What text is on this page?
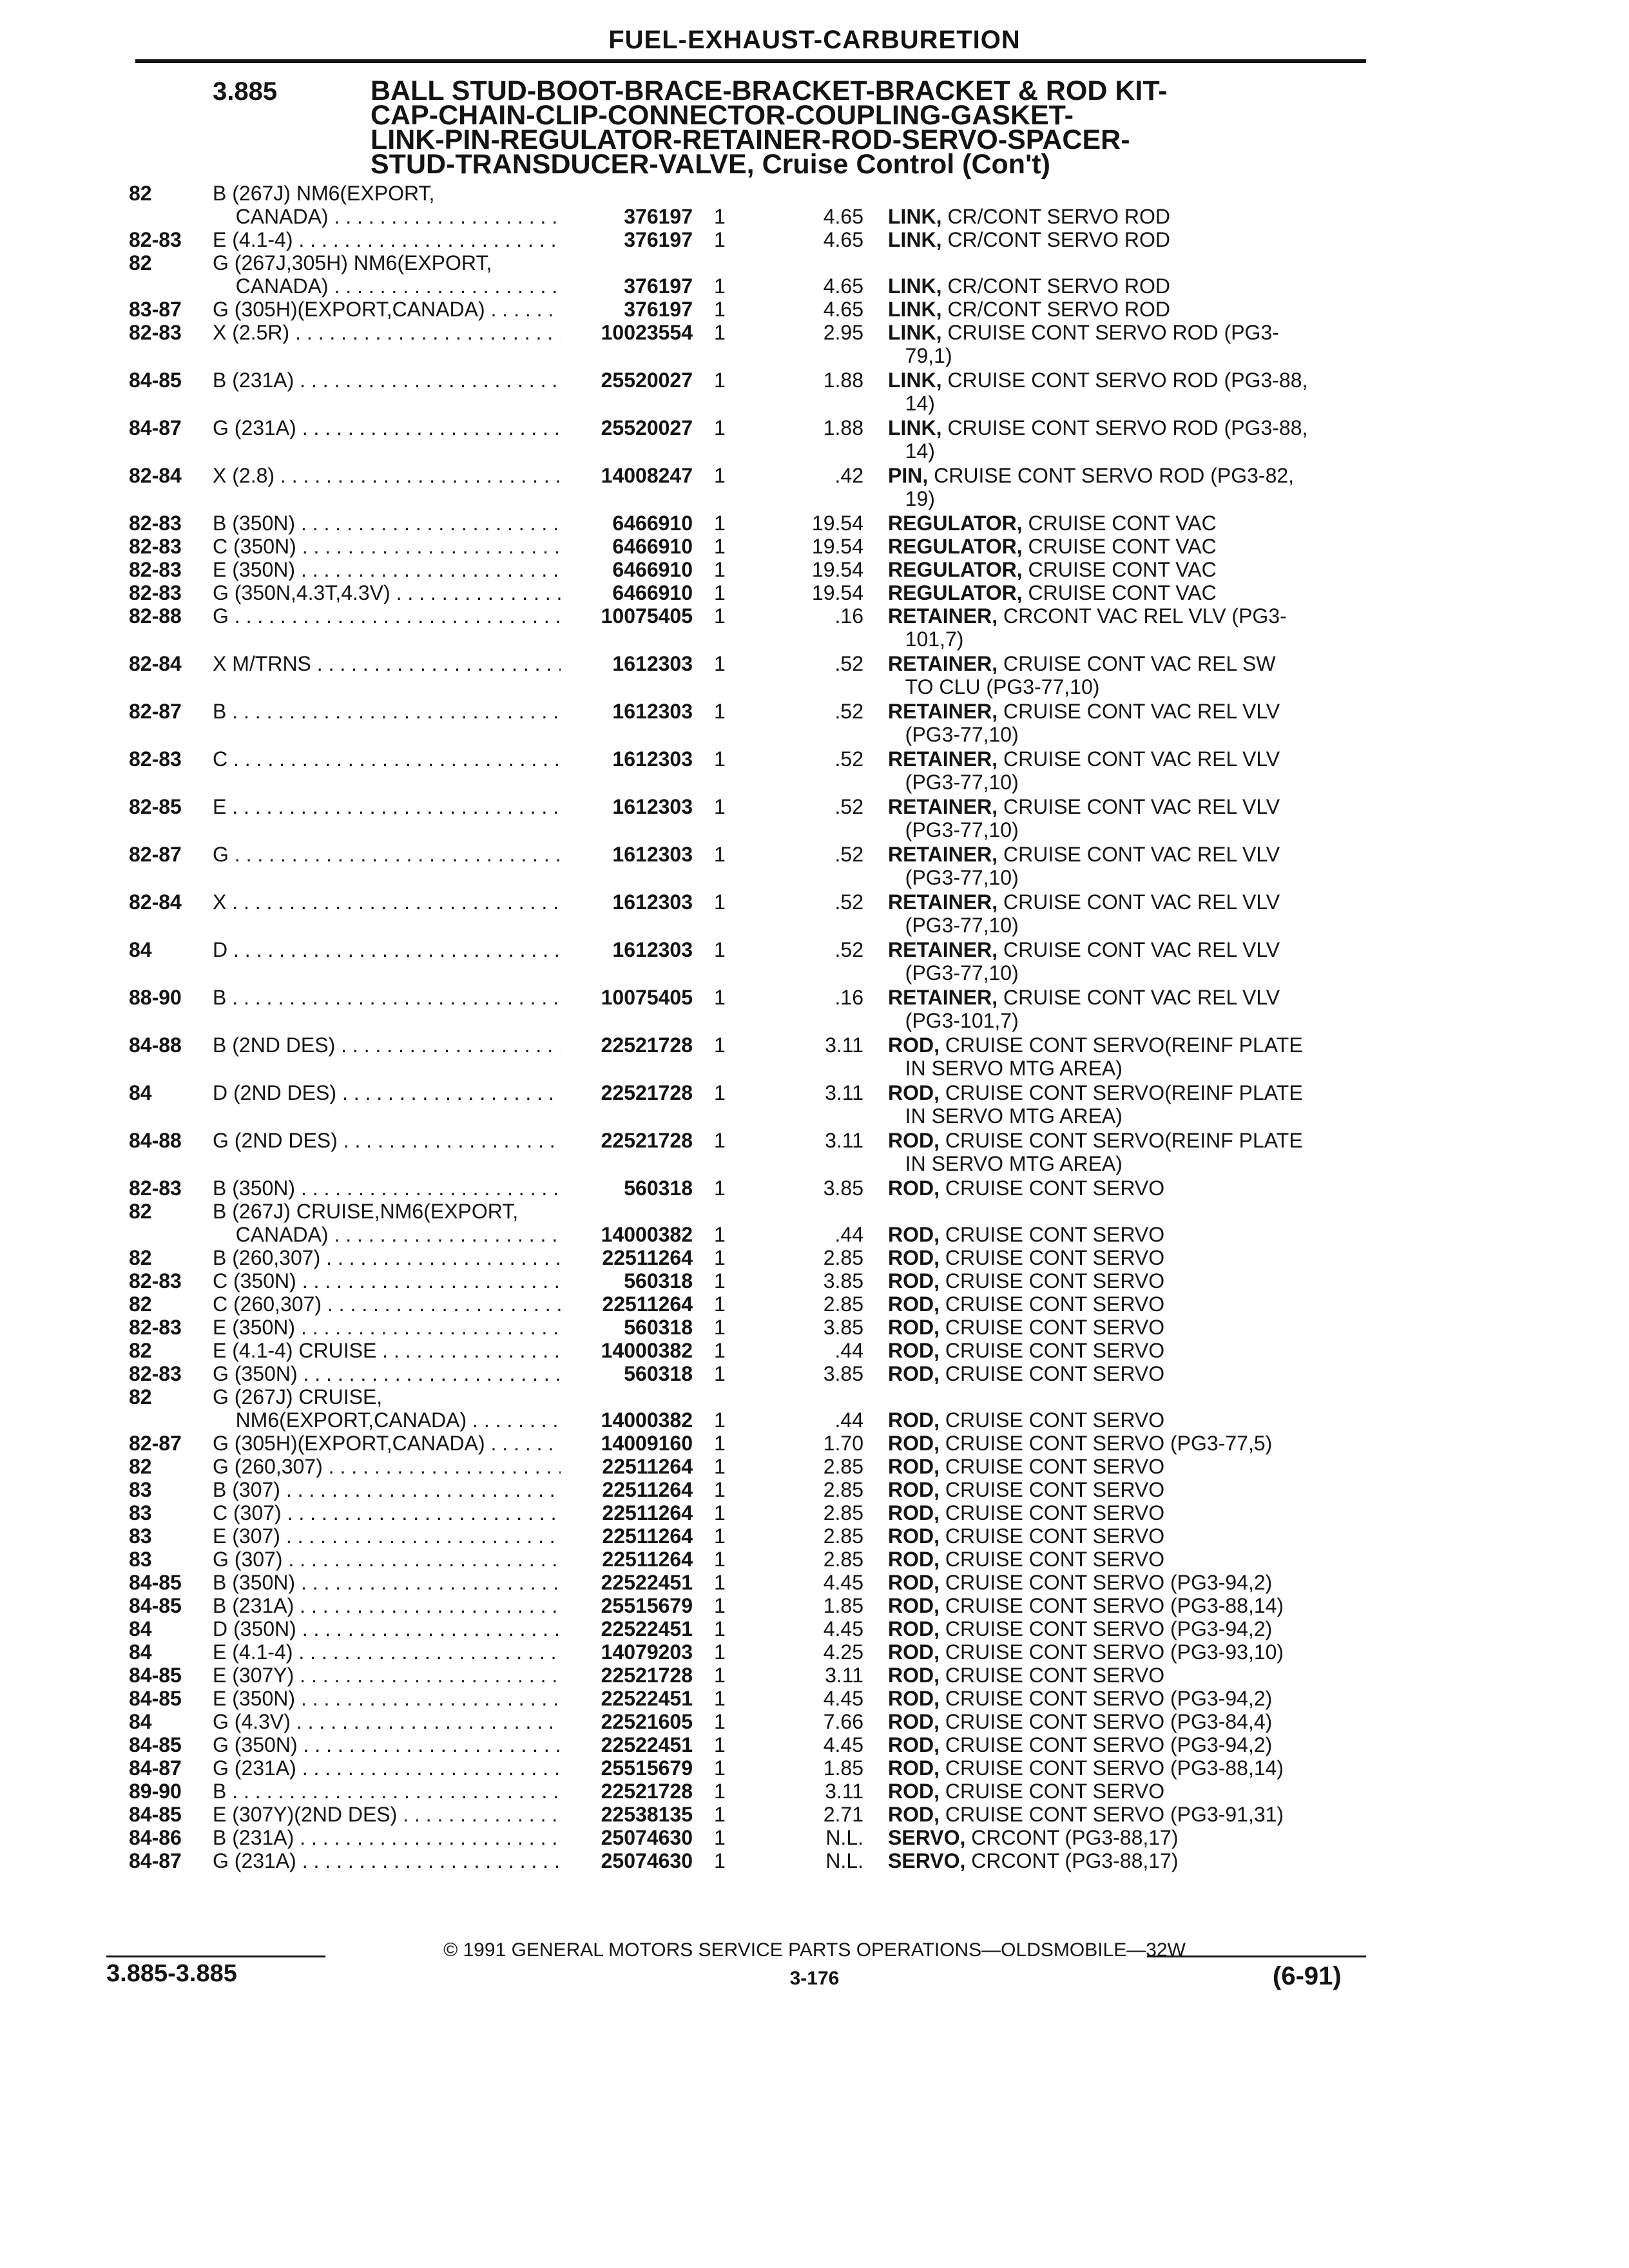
FUEL-EXHAUST-CARBURETION
3.885	BALL STUD-BOOT-BRACE-BRACKET-BRACKET & ROD KIT-
CAP-CHAIN-CLIP-CONNECTOR-COUPLING-GASKET-
LINK-PIN-REGULATOR-RETAINER-ROD-SERVO-SPACER-
STUD-TRANSDUCER-VALVE, Cruise Control (Con't)
82	B (267J) NM6(EXPORT,
CANADA) . . .	376197 1	4.65 LINK, CR/CONT SERVO ROD
82-83 E (4.1-4) . . .	376197 1	4.65 LINK, CR/CONT SERVO ROD
82	G (267J,305H) NM6(EXPORT,
CANADA) . . .	376197 1	4.65 LINK, CR/CONT SERVO ROD
83-87 G (305H)(EXPORT,CANADA) . . .	376197 1	4.65 LINK, CR/CONT SERVO ROD
82-83 X (2.5R) . . .	10023554 1	2.95 LINK, CRUISE CONT SERVO ROD (PG3-
79,1)
84-85 B (231A) . . .	25520027 1	1.88 LINK, CRUISE CONT SERVO ROD (PG3-88,
14)
84-87 G (231A) . . .	25520027 1	1.88 LINK, CRUISE CONT SERVO ROD (PG3-88,
14)
82-84 X (2.8) . . .	14008247 1	.42 PIN, CRUISE CONT SERVO ROD (PG3-82,
19)
82-83 B (350N) . . .	6466910 1	19.54 REGULATOR, CRUISE CONT VAC
82-83 C (350N) . . .	6466910 1	19.54 REGULATOR, CRUISE CONT VAC
82-83 E (350N) . . .	6466910 1	19.54 REGULATOR, CRUISE CONT VAC
82-83 G (350N,4.3T,4.3V) . . .	6466910 1	19.54 REGULATOR, CRUISE CONT VAC
82-88 G . . .	10075405 1	.16 RETAINER, CRCONT VAC REL VLV (PG3-
101,7)
82-84 X M/TRNS . . .	1612303 1	.52 RETAINER, CRUISE CONT VAC REL SW
TO CLU (PG3-77,10)
82-87 B . . .	1612303 1	.52 RETAINER, CRUISE CONT VAC REL VLV
(PG3-77,10)
82-83 C . . .	1612303 1	.52 RETAINER, CRUISE CONT VAC REL VLV
(PG3-77,10)
82-85 E . . .	1612303 1	.52 RETAINER, CRUISE CONT VAC REL VLV
(PG3-77,10)
82-87 G . . .	1612303 1	.52 RETAINER, CRUISE CONT VAC REL VLV
(PG3-77,10)
82-84 X . . .	1612303 1	.52 RETAINER, CRUISE CONT VAC REL VLV
(PG3-77,10)
84	D . . .	1612303 1	.52 RETAINER, CRUISE CONT VAC REL VLV
(PG3-77,10)
88-90 B . . .	10075405 1	.16 RETAINER, CRUISE CONT VAC REL VLV
(PG3-101,7)
84-88 B (2ND DES) . . .	22521728 1	3.11 ROD, CRUISE CONT SERVO(REINF PLATE
IN SERVO MTG AREA)
84	D (2ND DES) . . .	22521728 1	3.11 ROD, CRUISE CONT SERVO(REINF PLATE
IN SERVO MTG AREA)
84-88 G (2ND DES) . . .	22521728 1	3.11 ROD, CRUISE CONT SERVO(REINF PLATE
IN SERVO MTG AREA)
82-83 B (350N) . . .	560318 1	3.85 ROD, CRUISE CONT SERVO
82	B (267J) CRUISE,NM6(EXPORT,
CANADA) . . .	14000382 1	.44 ROD, CRUISE CONT SERVO
82	B (260,307) . . .	22511264 1	2.85 ROD, CRUISE CONT SERVO
82-83 C (350N) . . .	560318 1	3.85 ROD, CRUISE CONT SERVO
82	C (260,307) . . .	22511264 1	2.85 ROD, CRUISE CONT SERVO
82-83 E (350N) . . .	560318 1	3.85 ROD, CRUISE CONT SERVO
82	E (4.1-4) CRUISE . . .	14000382 1	.44 ROD, CRUISE CONT SERVO
82-83 G (350N) . . .	560318 1	3.85 ROD, CRUISE CONT SERVO
82	G (267J) CRUISE,
NM6(EXPORT,CANADA) . . .	14000382 1	.44 ROD, CRUISE CONT SERVO
82-87 G (305H)(EXPORT,CANADA) . . .	14009160 1	1.70 ROD, CRUISE CONT SERVO (PG3-77,5)
82	G (260,307) . . .	22511264 1	2.85 ROD, CRUISE CONT SERVO
83	B (307) . . .	22511264 1	2.85 ROD, CRUISE CONT SERVO
83	C (307) . . .	22511264 1	2.85 ROD, CRUISE CONT SERVO
83	E (307) . . .	22511264 1	2.85 ROD, CRUISE CONT SERVO
83	G (307) . . .	22511264 1	2.85 ROD, CRUISE CONT SERVO
84-85 B (350N) . . .	22522451 1	4.45 ROD, CRUISE CONT SERVO (PG3-94,2)
84-85 B (231A) . . .	25515679 1	1.85 ROD, CRUISE CONT SERVO (PG3-88,14)
84	D (350N) . . .	22522451 1	4.45 ROD, CRUISE CONT SERVO (PG3-94,2)
84	E (4.1-4) . . .	14079203 1	4.25 ROD, CRUISE CONT SERVO (PG3-93,10)
84-85 E (307Y) . . .	22521728 1	3.11 ROD, CRUISE CONT SERVO
84-85 E (350N) . . .	22522451 1	4.45 ROD, CRUISE CONT SERVO (PG3-94,2)
84	G (4.3V) . . .	22521605 1	7.66 ROD, CRUISE CONT SERVO (PG3-84,4)
84-85 G (350N) . . .	22522451 1	4.45 ROD, CRUISE CONT SERVO (PG3-94,2)
84-87 G (231A) . . .	25515679 1	1.85 ROD, CRUISE CONT SERVO (PG3-88,14)
89-90 B . . .	22521728 1	3.11 ROD, CRUISE CONT SERVO
84-85 E (307Y)(2ND DES) . . .	22538135 1	2.71 ROD, CRUISE CONT SERVO (PG3-91,31)
84-86 B (231A) . . .	25074630 1	N.L. SERVO, CRCONT (PG3-88,17)
84-87 G (231A) . . .	25074630 1	N.L. SERVO, CRCONT (PG3-88,17)
© 1991 GENERAL MOTORS SERVICE PARTS OPERATIONS—OLDSMOBILE—32W
3.885-3.885	3-176	(6-91)
